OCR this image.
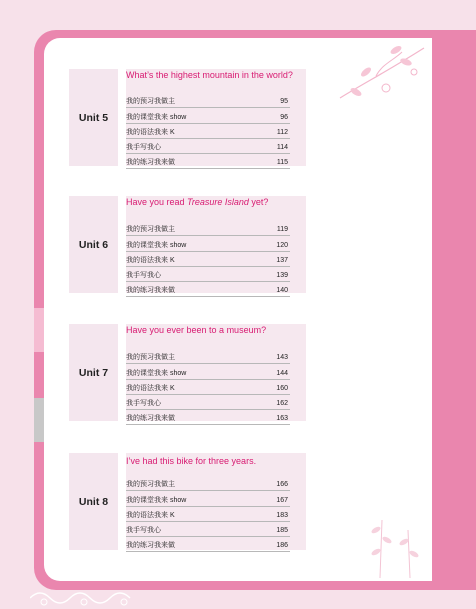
Unit 5
What’s the highest mountain in the world?
我的预习我做主	95
我的课堂我来 show	96
我的语法我来 K	112
我手写我心	114
我的练习我来做	115
Unit 6
Have you read Treasure Island yet?
我的预习我做主	119
我的课堂我来 show	120
我的语法我来 K	137
我手写我心	139
我的练习我来做	140
Unit 7
Have you ever been to a museum?
我的预习我做主	143
我的课堂我来 show	144
我的语法我来 K	160
我手写我心	162
我的练习我来做	163
Unit 8
I’ve had this bike for three years.
我的预习我做主	166
我的课堂我来 show	167
我的语法我来 K	183
我手写我心	185
我的练习我来做	186
